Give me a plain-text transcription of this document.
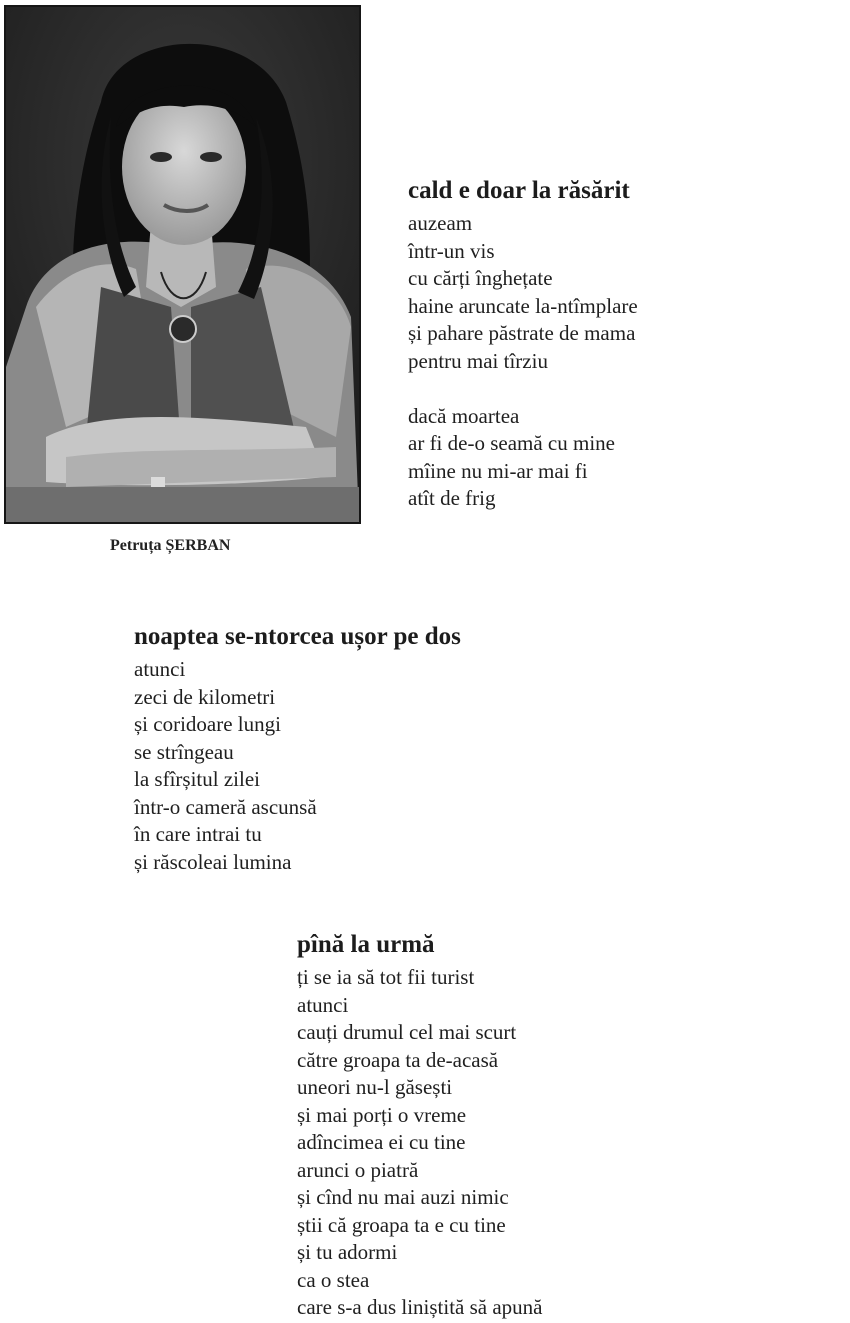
Petruța ȘERBAN
cald e doar la răsărit
auzeam
într-un vis
cu cărți înghețate
haine aruncate la-ntîmplare
și pahare păstrate de mama
pentru mai tîrziu
dacă moartea
ar fi de-o seamă cu mine
mîine nu mi-ar mai fi
atît de frig
noaptea se-ntorcea ușor pe dos
atunci
zeci de kilometri
și coridoare lungi
se strîngeau
la sfîrșitul zilei
într-o cameră ascunsă
în care intrai tu
și răscoleai lumina
pînă la urmă
ți se ia să tot fii turist
atunci
cauți drumul cel mai scurt
către groapa ta de-acasă
uneori nu-l găsești
și mai porți o vreme
adîncimea ei cu tine
arunci o piatră
și cînd nu mai auzi nimic
știi că groapa ta e cu tine
și tu adormi
ca o stea
care s-a dus liniștită să apună
